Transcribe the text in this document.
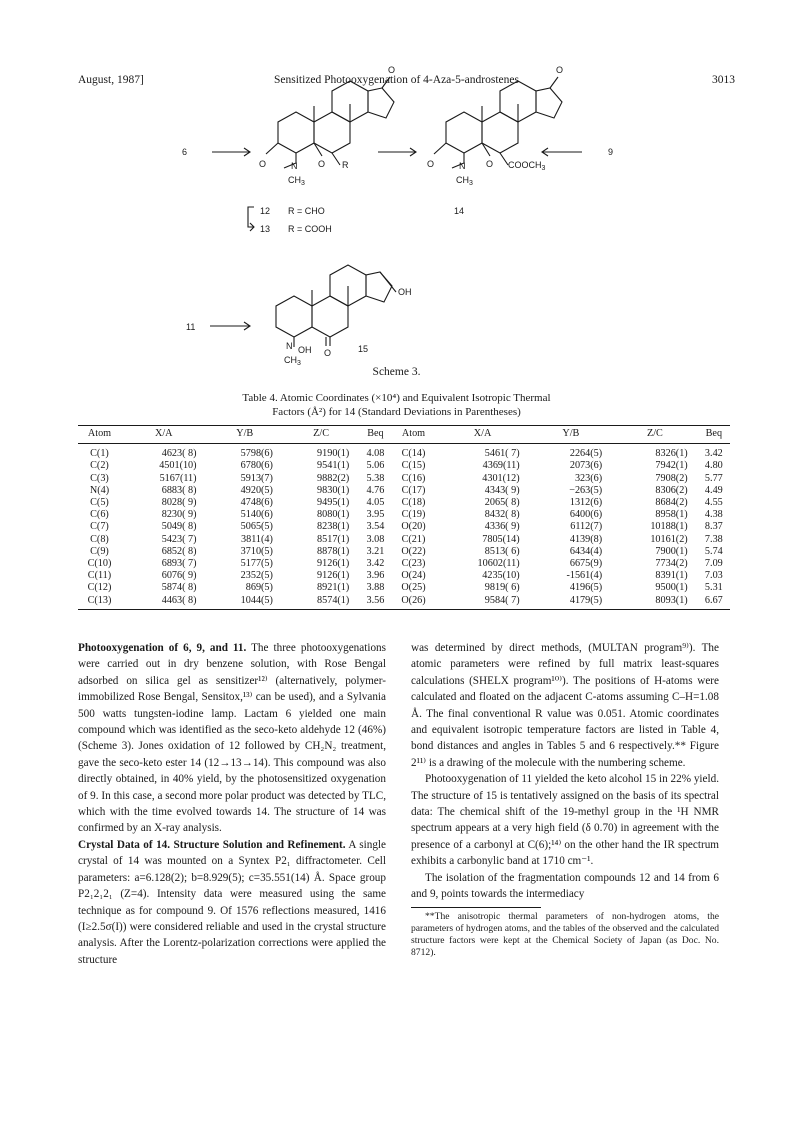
August, 1987]	Sensitized Photooxygenation of 4-Aza-5-androstenes	3013
6	9
11
12
13
R = CHO
R = COOH
14
15
O
O	N O R
$CH_3$
O
O	N O $COOCH_3$
$CH_3$
OH
N OH O
$CH_3$
Scheme 3.
Table 4. Atomic Coordinates (×10⁴) and Equivalent Isotropic Thermal
Factors (Å²) for 14 (Standard Deviations in Parentheses)
Atom	X/A	Y/B	Z/C	Beq	Atom	X/A	Y/B	Z/C	Beq
C(1)	4623( 8)	5798(6)	9190(1)	4.08	C(14)	5461( 7)	2264(5)	8326(1)	3.42
C(2)	4501(10)	6780(6)	9541(1)	5.06	C(15)	4369(11)	2073(6)	7942(1)	4.80
C(3)	5167(11)	5913(7)	9882(2)	5.38	C(16)	4301(12)	323(6)	7908(2)	5.77
N(4)	6883( 8)	4920(5)	9830(1)	4.76	C(17)	4343( 9)	−263(5)	8306(2)	4.49
C(5)	8028( 9)	4748(6)	9495(1)	4.05	C(18)	2065( 8)	1312(6)	8684(2)	4.55
C(6)	8230( 9)	5140(6)	8080(1)	3.95	C(19)	8432( 8)	6400(6)	8958(1)	4.38
C(7)	5049( 8)	5065(5)	8238(1)	3.54	O(20)	4336( 9)	6112(7)	10188(1)	8.37
C(8)	5423( 7)	3811(4)	8517(1)	3.08	C(21)	7805(14)	4139(8)	10161(2)	7.38
C(9)	6852( 8)	3710(5)	8878(1)	3.21	O(22)	8513( 6)	6434(4)	7900(1)	5.74
C(10)	6893( 7)	5177(5)	9126(1)	3.42	C(23)	10602(11)	6675(9)	7734(2)	7.09
C(11)	6076( 9)	2352(5)	9126(1)	3.96	O(24)	4235(10)	-1561(4)	8391(1)	7.03
C(12)	5874( 8)	869(5)	8921(1)	3.88	O(25)	9819( 6)	4196(5)	9500(1)	5.31
C(13)	4463( 8)	1044(5)	8574(1)	3.56	O(26)	9584( 7)	4179(5)	8093(1)	6.67

Photooxygenation of 6, 9, and 11. The three photooxygenations were carried out in dry benzene solution, with Rose Bengal adsorbed on silica gel as sensitizer¹²⁾ (alternatively, polymer-immobilized Rose Bengal, Sensitox,¹³⁾ can be used), and a Sylvania 500 watts tungsten-iodine lamp. Lactam 6 yielded one main compound which was identified as the seco-keto aldehyde 12 (46%) (Scheme 3). Jones oxidation of 12 followed by CH₂N₂ treatment, gave the seco-keto ester 14 (12→13→14). This compound was also directly obtained, in 40% yield, by the photosensitized oxygenation of 9. In this case, a second more polar product was detected by TLC, which with the time evolved towards 14. The structure of 14 was confirmed by an X-ray analysis.

Crystal Data of 14. Structure Solution and Refinement. A single crystal of 14 was mounted on a Syntex P2₁ diffractometer. Cell parameters: a=6.128(2); b=8.929(5); c=35.551(14) Å. Space group P2₁2₁2₁ (Z=4). Intensity data were measured using the same technique as for compound 9. Of 1576 reflections measured, 1416 (I≥2.5σ(I)) were considered reliable and used in the crystal structure analysis. After the Lorentz-polarization corrections were applied the structure

was determined by direct methods, (MULTAN program⁹⁾). The atomic parameters were refined by full matrix least-squares calculations (SHELX program¹⁰⁾). The positions of H-atoms were calculated and floated on the adjacent C-atoms assuming C–H=1.08 Å. The final conventional R value was 0.051. Atomic coordinates and equivalent isotropic temperature factors are listed in Table 4, bond distances and angles in Tables 5 and 6 respectively.** Figure 2¹¹⁾ is a drawing of the molecule with the numbering scheme.

Photooxygenation of 11 yielded the keto alcohol 15 in 22% yield. The structure of 15 is tentatively assigned on the basis of its spectral data: The chemical shift of the 19-methyl group in the ¹H NMR spectrum appears at a very high field (δ 0.70) in agreement with the presence of a carbonyl at C(6);¹⁴⁾ on the other hand the IR spectrum exhibits a carbonylic band at 1710 cm⁻¹.

The isolation of the fragmentation compounds 12 and 14 from 6 and 9, points towards the intermediacy

**The anisotropic thermal parameters of non-hydrogen atoms, the parameters of hydrogen atoms, and the tables of the observed and the calculated structure factors were kept at the Chemical Society of Japan (as Doc. No. 8712).
